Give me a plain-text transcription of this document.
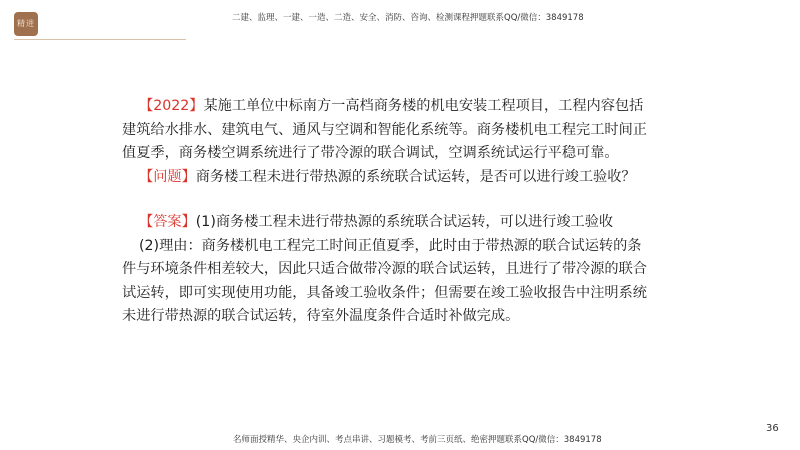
精进
二建、监理、一建、一造、二造、安全、消防、咨询、检测课程押题联系QQ/微信：3849178

【2022】某施工单位中标南方一高档商务楼的机电安装工程项目，工程内容包括建筑给水排水、建筑电气、通风与空调和智能化系统等。商务楼机电工程完工时间正值夏季，商务楼空调系统进行了带冷源的联合调试，空调系统试运行平稳可靠。

【问题】商务楼工程未进行带热源的系统联合试运转，是否可以进行竣工验收？

【答案】(1)商务楼工程未进行带热源的系统联合试运转，可以进行竣工验收

(2)理由：商务楼机电工程完工时间正值夏季，此时由于带热源的联合试运转的条件与环境条件相差较大，因此只适合做带冷源的联合试运转，且进行了带冷源的联合试运转，即可实现使用功能，具备竣工验收条件；但需要在竣工验收报告中注明系统未进行带热源的联合试运转，待室外温度条件合适时补做完成。

36
名师面授精华、央企内训、考点串讲、习题模考、考前三页纸、绝密押题联系QQ/微信：3849178
